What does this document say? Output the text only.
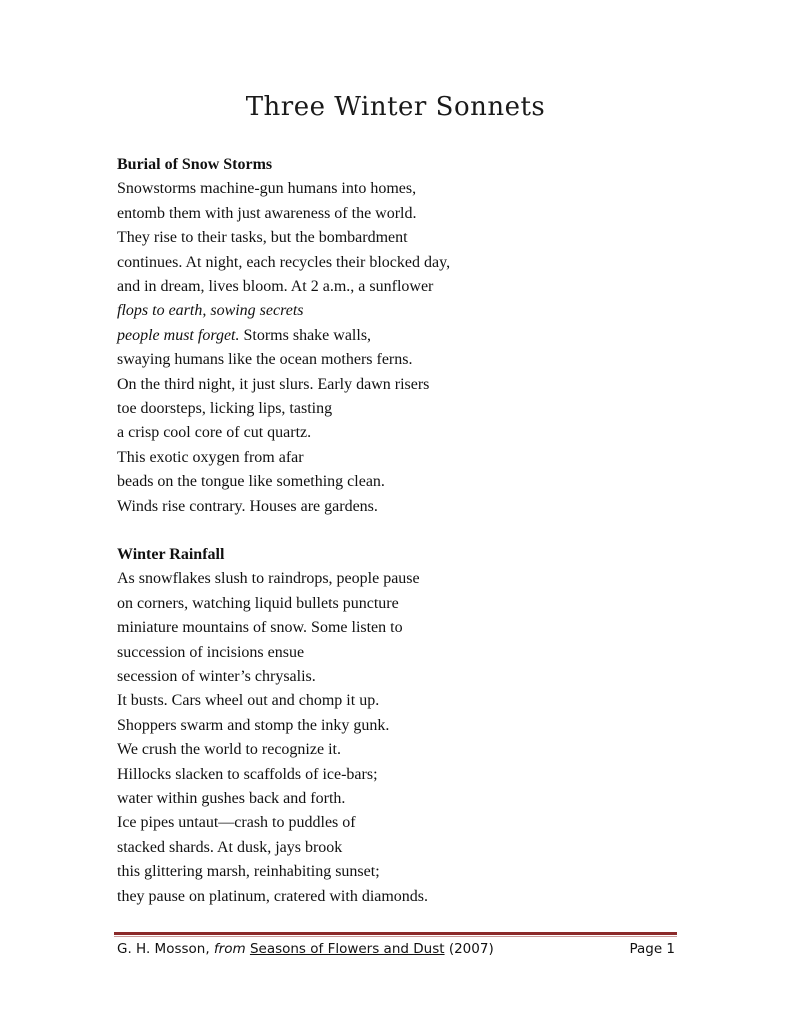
Three Winter Sonnets

Burial of Snow Storms

Snowstorms machine-gun humans into homes,
entomb them with just awareness of the world.
They rise to their tasks, but the bombardment
continues. At night, each recycles their blocked day,
and in dream, lives bloom. At 2 a.m., a sunflower
flops to earth, sowing secrets
people must forget. Storms shake walls,
swaying humans like the ocean mothers ferns.
On the third night, it just slurs. Early dawn risers
toe doorsteps, licking lips, tasting
a crisp cool core of cut quartz.
This exotic oxygen from afar
beads on the tongue like something clean.
Winds rise contrary. Houses are gardens.

Winter Rainfall

As snowflakes slush to raindrops, people pause
on corners, watching liquid bullets puncture
miniature mountains of snow. Some listen to
succession of incisions ensue
secession of winter’s chrysalis.
It busts. Cars wheel out and chomp it up.
Shoppers swarm and stomp the inky gunk.
We crush the world to recognize it.
Hillocks slacken to scaffolds of ice-bars;
water within gushes back and forth.
Ice pipes untaut—crash to puddles of
stacked shards. At dusk, jays brook
this glittering marsh, reinhabiting sunset;
they pause on platinum, cratered with diamonds.
G. H. Mosson, from Seasons of Flowers and Dust (2007)	Page 1
